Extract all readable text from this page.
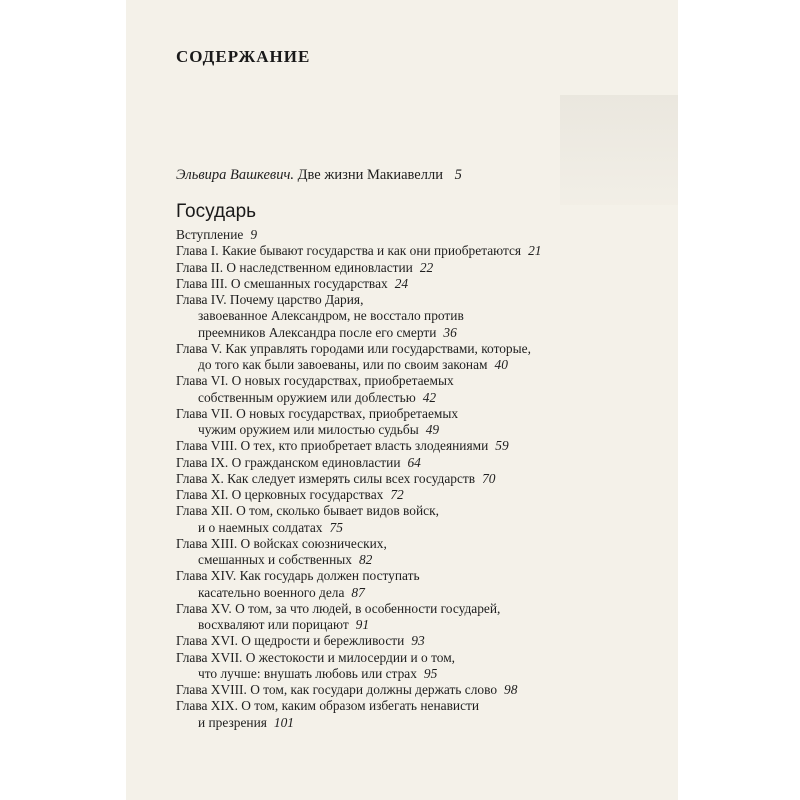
СОДЕРЖАНИЕ
Эльвира Вашкевич. Две жизни Макиавелли 5
Государь
Вступление 9
Глава I. Какие бывают государства и как они приобретаются 21
Глава II. О наследственном единовластии 22
Глава III. О смешанных государствах 24
Глава IV. Почему царство Дария,
завоеванное Александром, не восстало против
преемников Александра после его смерти 36
Глава V. Как управлять городами или государствами, которые,
до того как были завоеваны, или по своим законам 40
Глава VI. О новых государствах, приобретаемых
собственным оружием или доблестью 42
Глава VII. О новых государствах, приобретаемых
чужим оружием или милостью судьбы 49
Глава VIII. О тех, кто приобретает власть злодеяниями 59
Глава IX. О гражданском единовластии 64
Глава X. Как следует измерять силы всех государств 70
Глава XI. О церковных государствах 72
Глава XII. О том, сколько бывает видов войск,
и о наемных солдатах 75
Глава XIII. О войсках союзнических,
смешанных и собственных 82
Глава XIV. Как государь должен поступать
касательно военного дела 87
Глава XV. О том, за что людей, в особенности государей,
восхваляют или порицают 91
Глава XVI. О щедрости и бережливости 93
Глава XVII. О жестокости и милосердии и о том,
что лучше: внушать любовь или страх 95
Глава XVIII. О том, как государи должны держать слово 98
Глава XIX. О том, каким образом избегать ненависти
и презрения 101
